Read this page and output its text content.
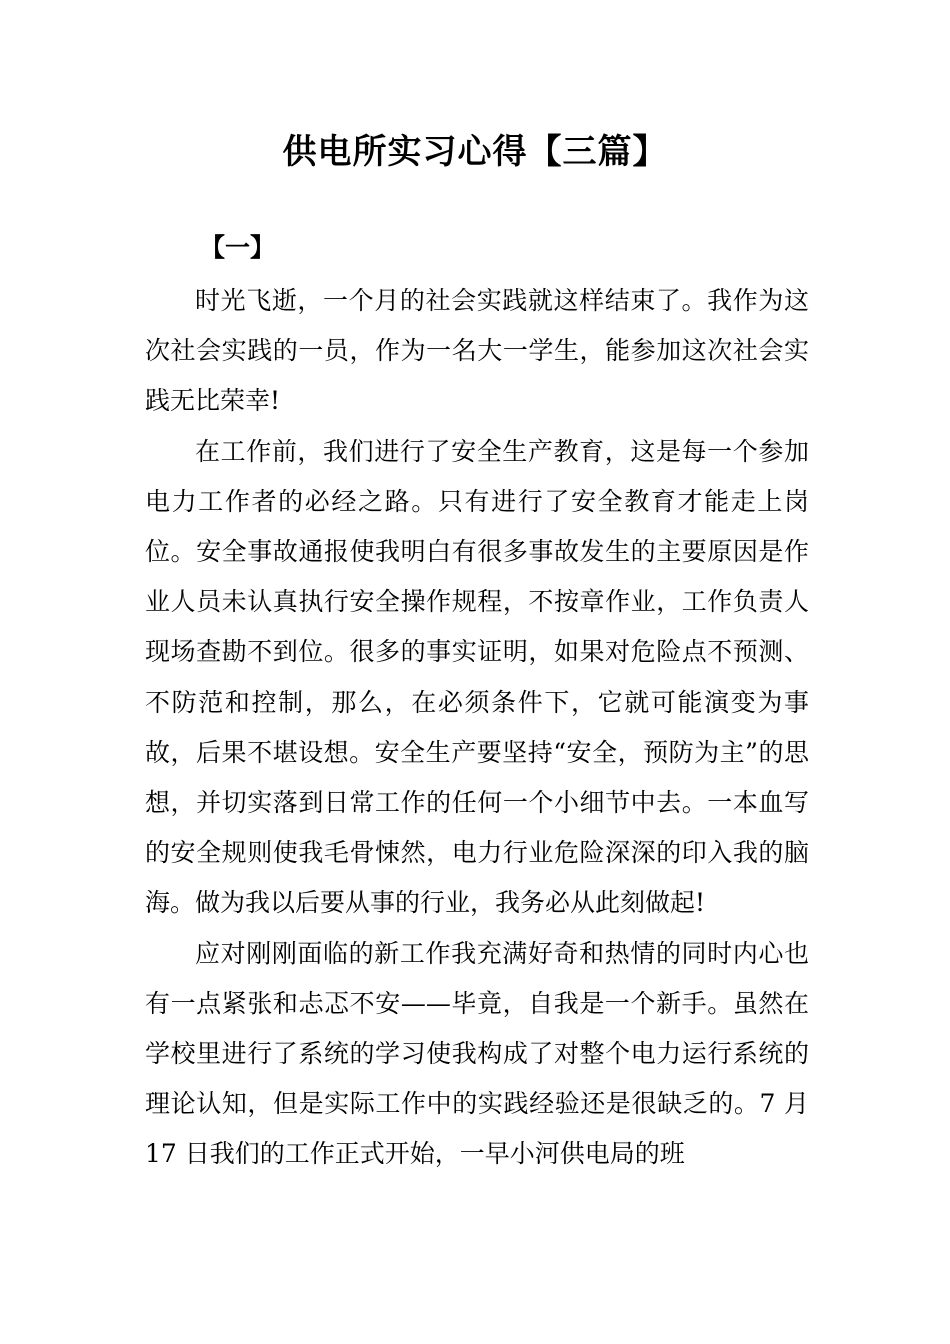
供电所实习心得【三篇】
【一】

时光飞逝，一个月的社会实践就这样结束了。我作为这次社会实践的一员，作为一名大一学生，能参加这次社会实践无比荣幸!

在工作前，我们进行了安全生产教育，这是每一个参加电力工作者的必经之路。只有进行了安全教育才能走上岗位。安全事故通报使我明白有很多事故发生的主要原因是作业人员未认真执行安全操作规程，不按章作业，工作负责人现场查勘不到位。很多的事实证明，如果对危险点不预测、不防范和控制，那么，在必须条件下，它就可能演变为事故，后果不堪设想。安全生产要坚持“安全，预防为主”的思想，并切实落到日常工作的任何一个小细节中去。一本血写的安全规则使我毛骨悚然，电力行业危险深深的印入我的脑海。做为我以后要从事的行业，我务必从此刻做起!

应对刚刚面临的新工作我充满好奇和热情的同时内心也有一点紧张和忐忑不安——毕竟，自我是一个新手。虽然在学校里进行了系统的学习使我构成了对整个电力运行系统的理论认知，但是实际工作中的实践经验还是很缺乏的。7 月 17 日我们的工作正式开始，一早小河供电局的班
